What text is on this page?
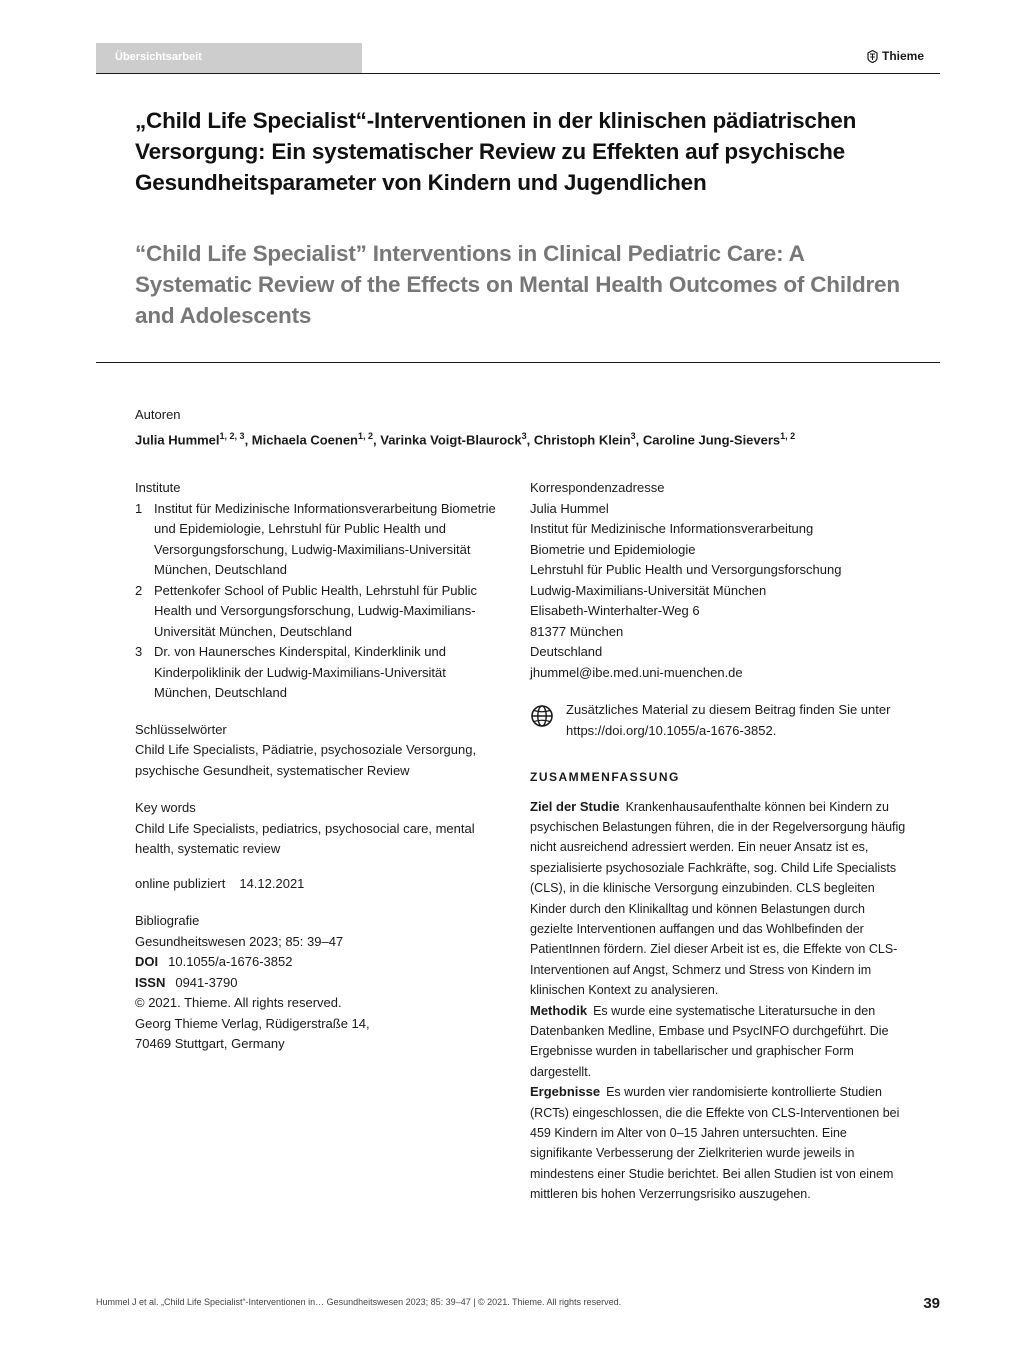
Übersichtsarbeit	Thieme
„Child Life Specialist“-Interventionen in der klinischen pädiatrischen Versorgung: Ein systematischer Review zu Effekten auf psychische Gesundheitsparameter von Kindern und Jugendlichen
“Child Life Specialist” Interventions in Clinical Pediatric Care: A Systematic Review of the Effects on Mental Health Outcomes of Children and Adolescents
Autoren
Julia Hummel$^{1, 2, 3}$, Michaela Coenen$^{1, 2}$, Varinka Voigt-Blaurock$^3$, Christoph Klein$^3$, Caroline Jung-Sievers$^{1, 2}$
Institute
1 Institut für Medizinische Informationsverarbeitung Biometrie und Epidemiologie, Lehrstuhl für Public Health und Versorgungsforschung, Ludwig-Maximilians-Universität München, Deutschland
2 Pettenkofer School of Public Health, Lehrstuhl für Public Health und Versorgungsforschung, Ludwig-Maximilians-Universität München, Deutschland
3 Dr. von Haunersches Kinderspital, Kinderklinik und Kinderpoliklinik der Ludwig-Maximilians-Universität München, Deutschland
Schlüsselwörter
Child Life Specialists, Pädiatrie, psychosoziale Versorgung, psychische Gesundheit, systematischer Review
Key words
Child Life Specialists, pediatrics, psychosocial care, mental health, systematic review
online publiziert 14.12.2021
Bibliografie
Gesundheitswesen 2023; 85: 39–47
DOI 10.1055/a-1676-3852
ISSN 0941-3790
© 2021. Thieme. All rights reserved.
Georg Thieme Verlag, Rüdigerstraße 14,
70469 Stuttgart, Germany
Korrespondenzadresse
Julia Hummel
Institut für Medizinische Informationsverarbeitung
Biometrie und Epidemiologie
Lehrstuhl für Public Health und Versorgungsforschung
Ludwig-Maximilians-Universität München
Elisabeth-Winterhalter-Weg 6
81377 München
Deutschland
jhummel@ibe.med.uni-muenchen.de
Zusätzliches Material zu diesem Beitrag finden Sie unter https://doi.org/10.1055/a-1676-3852.
ZUSAMMENFASSUNG

Ziel der Studie Krankenhausaufenthalte können bei Kindern zu psychischen Belastungen führen, die in der Regelversorgung häufig nicht ausreichend adressiert werden. Ein neuer Ansatz ist es, spezialisierte psychosoziale Fachkräfte, sog. Child Life Specialists (CLS), in die klinische Versorgung einzubinden. CLS begleiten Kinder durch den Klinikalltag und können Belastungen durch gezielte Interventionen auffangen und das Wohlbefinden der PatientInnen fördern. Ziel dieser Arbeit ist es, die Effekte von CLS-Interventionen auf Angst, Schmerz und Stress von Kindern im klinischen Kontext zu analysieren.

Methodik Es wurde eine systematische Literatursuche in den Datenbanken Medline, Embase und PsycINFO durchgeführt. Die Ergebnisse wurden in tabellarischer und graphischer Form dargestellt.

Ergebnisse Es wurden vier randomisierte kontrollierte Studien (RCTs) eingeschlossen, die die Effekte von CLS-Interventionen bei 459 Kindern im Alter von 0–15 Jahren untersuchten. Eine signifikante Verbesserung der Zielkriterien wurde jeweils in mindestens einer Studie berichtet. Bei allen Studien ist von einem mittleren bis hohen Verzerrungsrisiko auszugehen.

Hummel J et al. „Child Life Specialist“-Interventionen in… Gesundheitswesen 2023; 85: 39–47 | © 2021. Thieme. All rights reserved.	39
